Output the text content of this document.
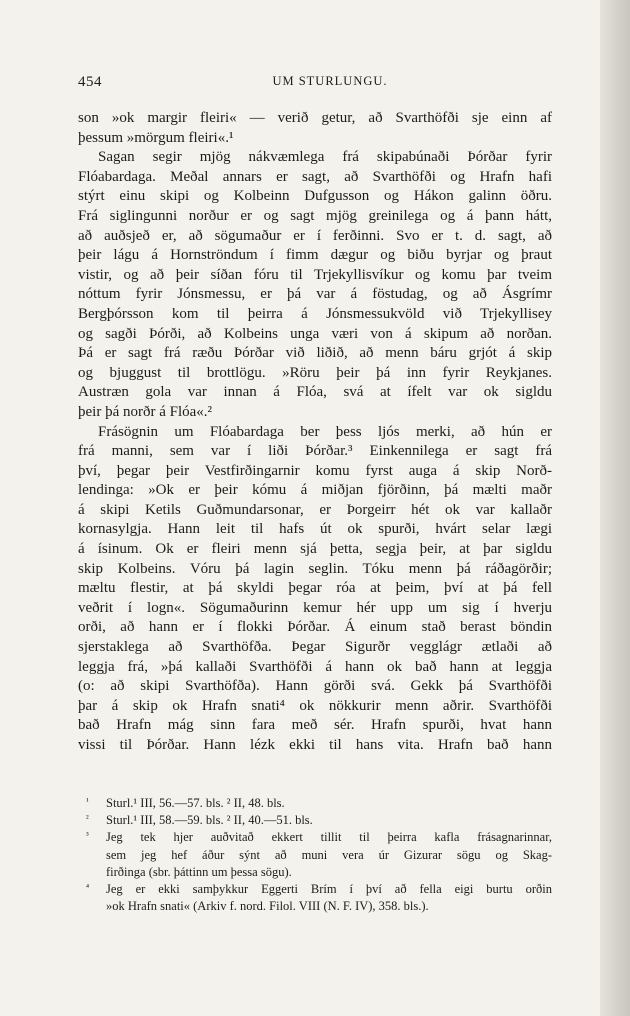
454	UM STURLUNGU.
son »ok margir fleiri« — verið getur, að Svarthöfði sje einn af
þessum »mörgum fleiri«.¹
Sagan segir mjög nákvæmlega frá skipabúnaði Þórðar fyrir
Flóabardaga. Meðal annars er sagt, að Svarthöfði og Hrafn hafi
stýrt einu skipi og Kolbeinn Dufgusson og Hákon galinn öðru.
Frá siglingunni norður er og sagt mjög greinilega og á þann hátt,
að auðsjeð er, að sögumaður er í ferðinni. Svo er t. d. sagt, að
þeir lágu á Hornströndum í fimm dægur og biðu byrjar og þraut
vistir, og að þeir síðan fóru til Trjekyllisvíkur og komu þar tveim
nóttum fyrir Jónsmessu, er þá var á föstudag, og að Ásgrímr
Bergþórsson kom til þeirra á Jónsmessukvöld við Trjekyllisey
og sagði Þórði, að Kolbeins unga væri von á skipum að norðan.
Þá er sagt frá ræðu Þórðar við liðið, að menn báru grjót á skip
og bjuggust til brottlögu. »Röru þeir þá inn fyrir Reykjanes.
Austræn gola var innan á Flóa, svá at ífelt var ok sigldu
þeir þá norðr á Flóa«.²
Frásögnin um Flóabardaga ber þess ljós merki, að hún er
frá manni, sem var í liði Þórðar.³ Einkennilega er sagt frá
því, þegar þeir Vestfirðingarnir komu fyrst auga á skip Norð-
lendinga: »Ok er þeir kómu á miðjan fjörðinn, þá mælti maðr
á skipi Ketils Guðmundarsonar, er Þorgeirr hét ok var kallaðr
kornasylgja. Hann leit til hafs út ok spurði, hvárt selar lægi
á ísinum. Ok er fleiri menn sjá þetta, segja þeir, at þar sigldu
skip Kolbeins. Vóru þá lagin seglin. Tóku menn þá ráðagörðir;
mæltu flestir, at þá skyldi þegar róa at þeim, því at þá fell
veðrit í logn«. Sögumaðurinn kemur hér upp um sig í hverju
orði, að hann er í flokki Þórðar. Á einum stað berast böndin
sjerstaklega að Svarthöfða. Þegar Sigurðr vegglágr ætlaði að
leggja frá, »þá kallaði Svarthöfði á hann ok bað hann at leggja
(o: að skipi Svarthöfða). Hann görði svá. Gekk þá Svarthöfði
þar á skip ok Hrafn snati⁴ ok nökkurir menn aðrir. Svarthöfði
bað Hrafn mág sinn fara með sér. Hrafn spurði, hvat hann
vissi til Þórðar. Hann lézk ekki til hans vita. Hrafn bað hann
¹ Sturl.¹ III, 56.—57. bls. ² II, 48. bls.
² Sturl.¹ III, 58.—59. bls. ² II, 40.—51. bls.
³ Jeg tek hjer auðvitað ekkert tillit til þeirra kafla frásagnarinnar,
sem jeg hef áður sýnt að muni vera úr Gizurar sögu og Skag-
firðinga (sbr. þáttinn um þessa sögu).
⁴ Jeg er ekki samþykkur Eggerti Brím í því að fella eigi burtu orðin
»ok Hrafn snati« (Arkiv f. nord. Filol. VIII (N. F. IV), 358. bls.).
